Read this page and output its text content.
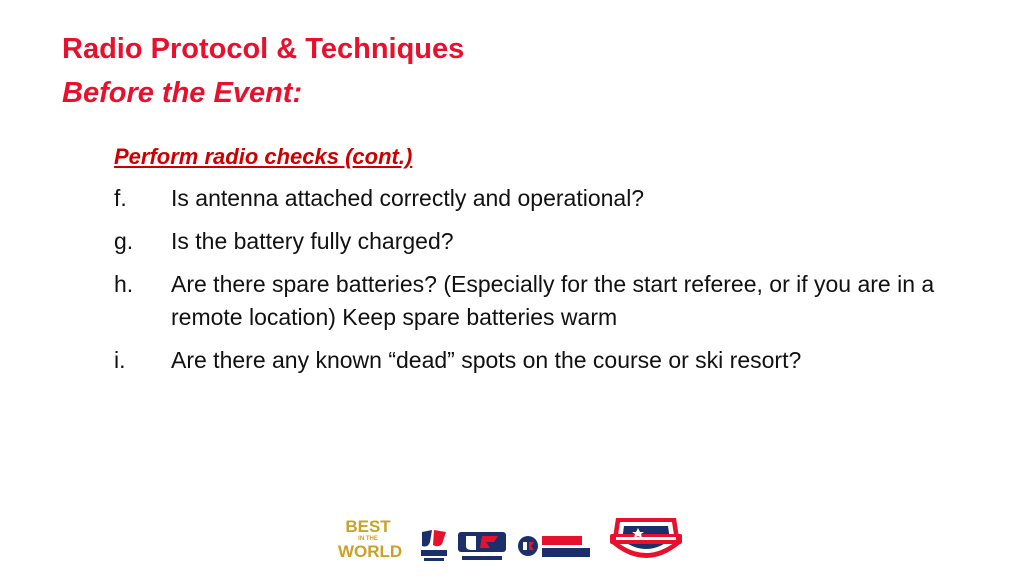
Radio Protocol & Techniques
Before the Event:
Perform radio checks (cont.)
f.	Is antenna attached correctly and operational?
g.	Is the battery fully charged?
h.	Are there spare batteries? (Especially for the start referee, or if you are in a remote location) Keep spare batteries warm
i.	Are there any known “dead” spots on the course or ski resort?
BEST
IN THE
WORLD
